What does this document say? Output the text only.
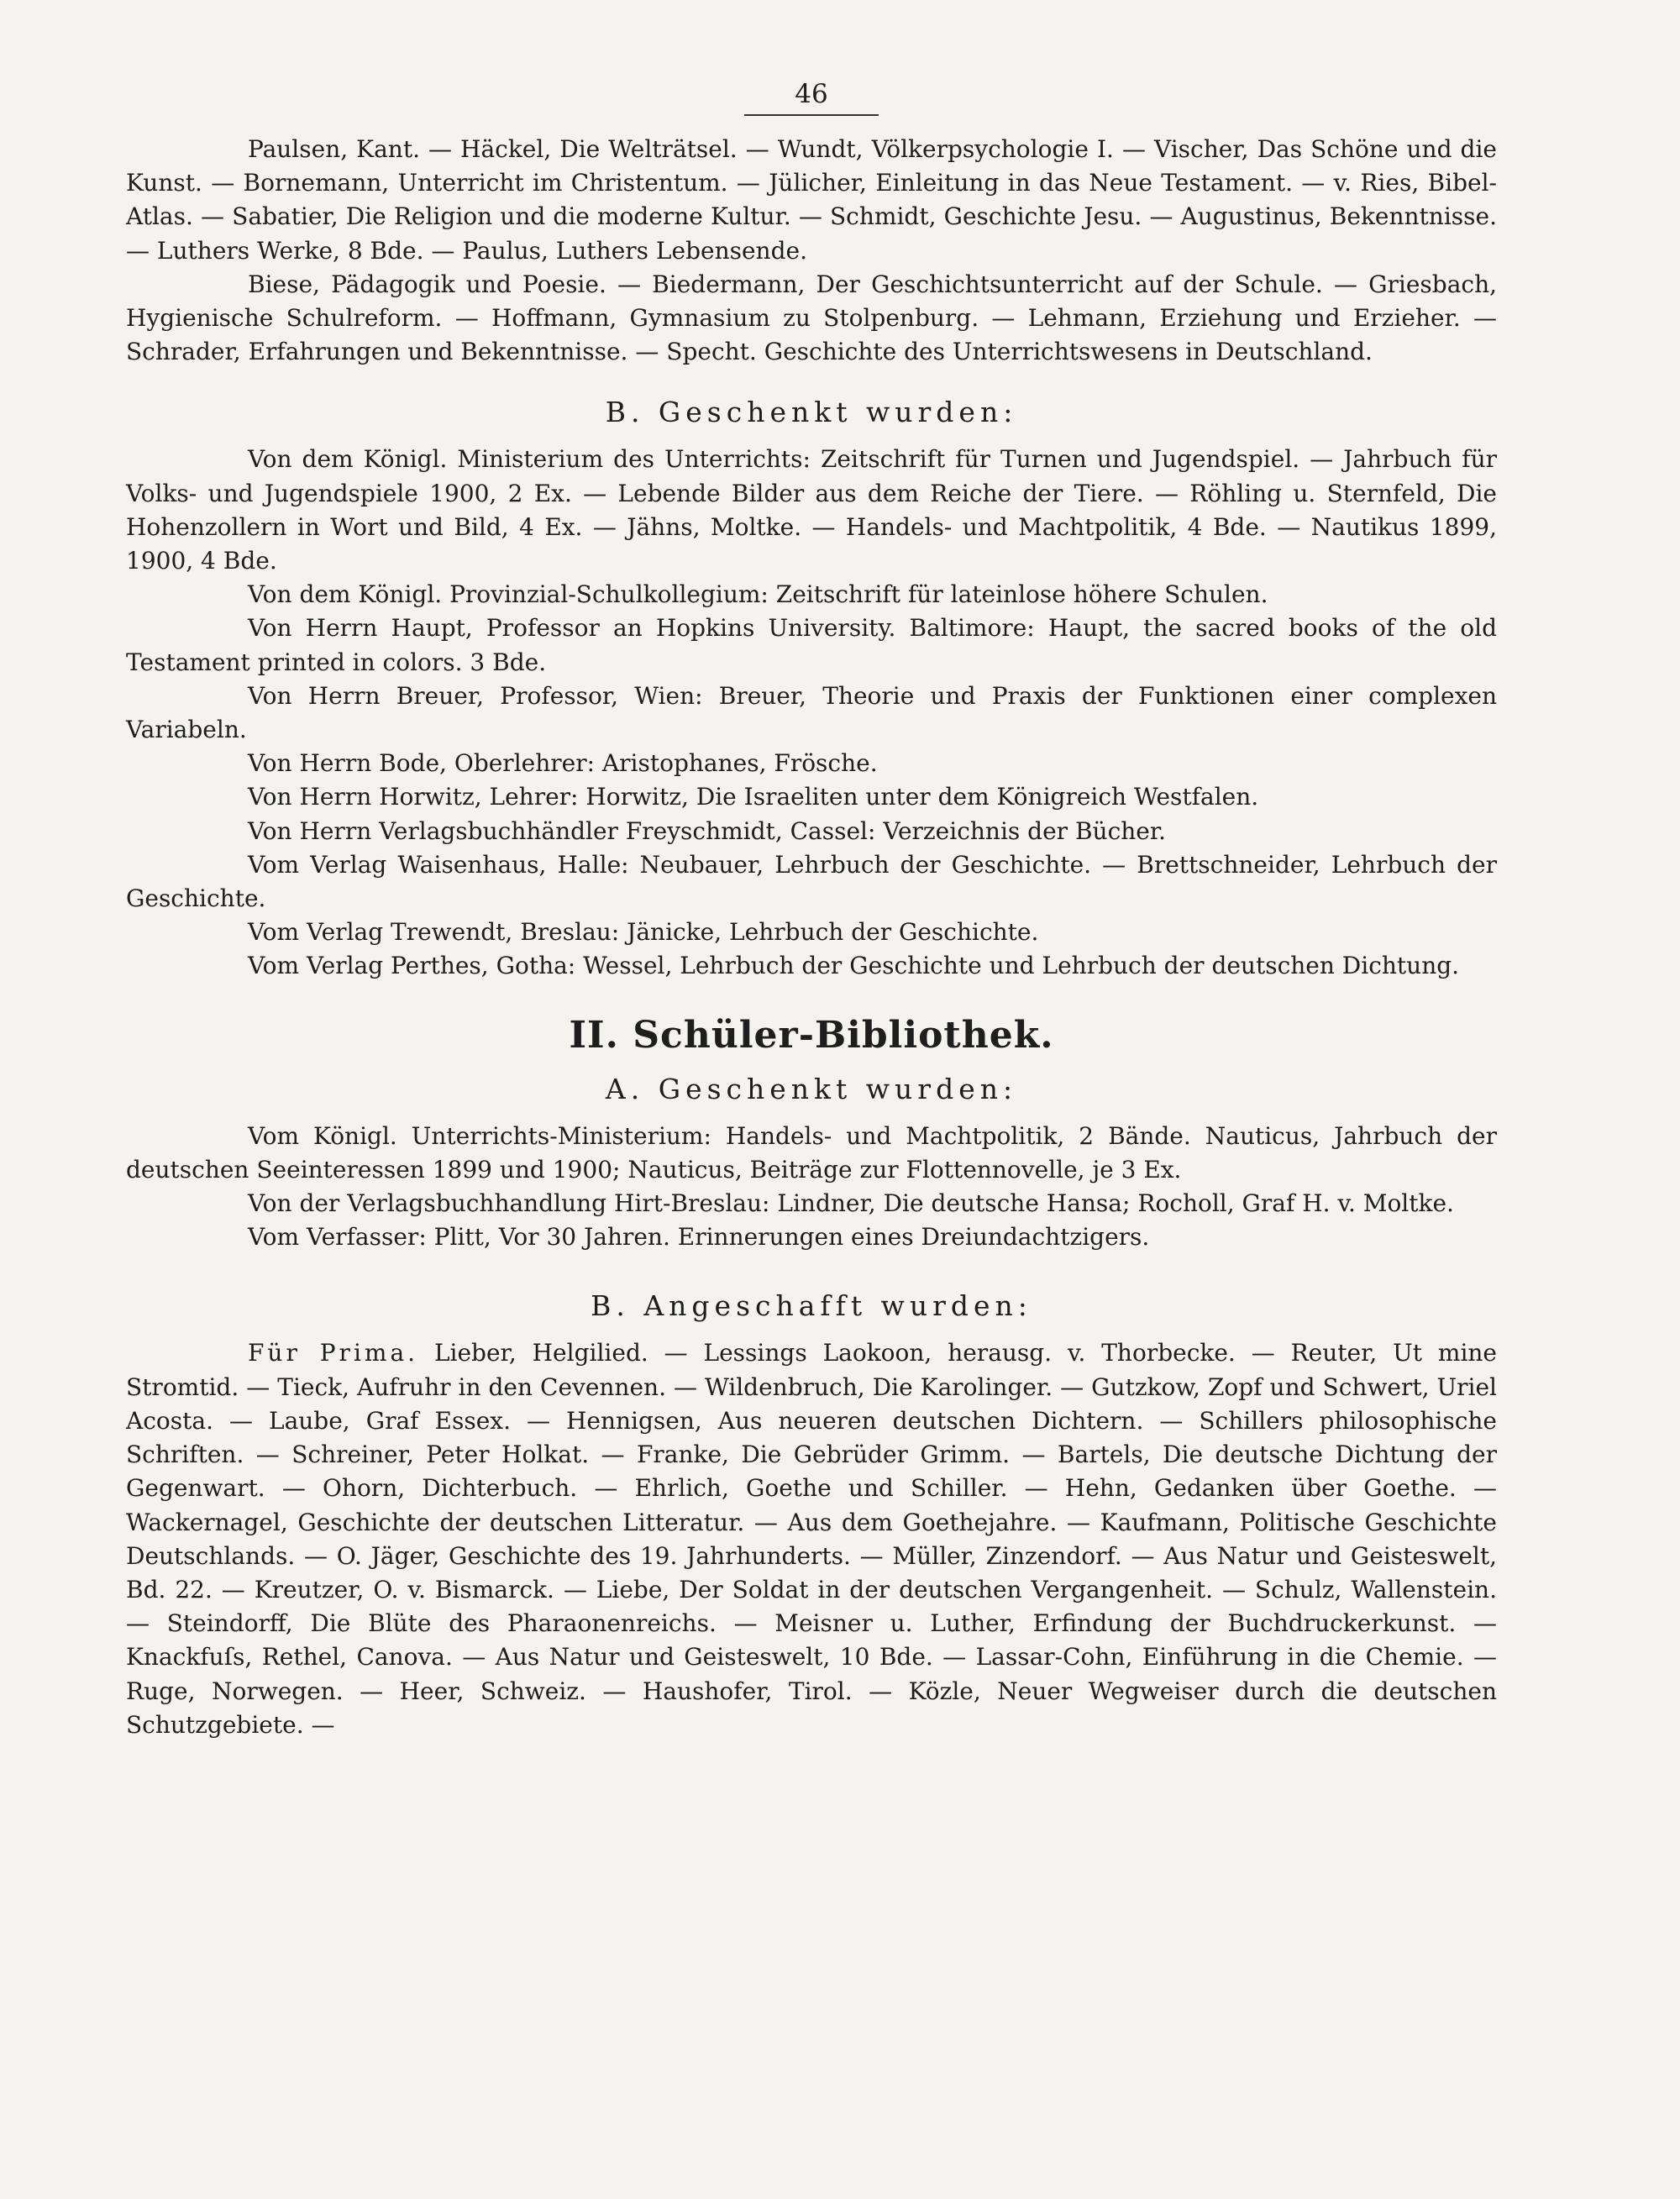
46

Paulsen, Kant. — Häckel, Die Welträtsel. — Wundt, Völkerpsychologie I. — Vischer, Das Schöne und die Kunst. — Bornemann, Unterricht im Christentum. — Jülicher, Einleitung in das Neue Testament. — v. Ries, Bibel-Atlas. — Sabatier, Die Religion und die moderne Kultur. — Schmidt, Geschichte Jesu. — Augustinus, Bekenntnisse. — Luthers Werke, 8 Bde. — Paulus, Luthers Lebensende.

Biese, Pädagogik und Poesie. — Biedermann, Der Geschichtsunterricht auf der Schule. — Griesbach, Hygienische Schulreform. — Hoffmann, Gymnasium zu Stolpenburg. — Lehmann, Erziehung und Erzieher. — Schrader, Erfahrungen und Bekenntnisse. — Specht. Geschichte des Unterrichtswesens in Deutschland.

B. Geschenkt wurden:

Von dem Königl. Ministerium des Unterrichts: Zeitschrift für Turnen und Jugendspiel. — Jahrbuch für Volks- und Jugendspiele 1900, 2 Ex. — Lebende Bilder aus dem Reiche der Tiere. — Röhling u. Sternfeld, Die Hohenzollern in Wort und Bild, 4 Ex. — Jähns, Moltke. — Handels- und Machtpolitik, 4 Bde. — Nautikus 1899, 1900, 4 Bde.

Von dem Königl. Provinzial-Schulkollegium: Zeitschrift für lateinlose höhere Schulen.

Von Herrn Haupt, Professor an Hopkins University. Baltimore: Haupt, the sacred books of the old Testament printed in colors. 3 Bde.

Von Herrn Breuer, Professor, Wien: Breuer, Theorie und Praxis der Funktionen einer complexen Variabeln.

Von Herrn Bode, Oberlehrer: Aristophanes, Frösche.

Von Herrn Horwitz, Lehrer: Horwitz, Die Israeliten unter dem Königreich Westfalen.

Von Herrn Verlagsbuchhändler Freyschmidt, Cassel: Verzeichnis der Bücher.

Vom Verlag Waisenhaus, Halle: Neubauer, Lehrbuch der Geschichte. — Brettschneider, Lehrbuch der Geschichte.

Vom Verlag Trewendt, Breslau: Jänicke, Lehrbuch der Geschichte.

Vom Verlag Perthes, Gotha: Wessel, Lehrbuch der Geschichte und Lehrbuch der deutschen Dichtung.

II. Schüler-Bibliothek.
A. Geschenkt wurden:

Vom Königl. Unterrichts-Ministerium: Handels- und Machtpolitik, 2 Bände. Nauticus, Jahrbuch der deutschen Seeinteressen 1899 und 1900; Nauticus, Beiträge zur Flottennovelle, je 3 Ex.

Von der Verlagsbuchhandlung Hirt-Breslau: Lindner, Die deutsche Hansa; Rocholl, Graf H. v. Moltke.

Vom Verfasser: Plitt, Vor 30 Jahren. Erinnerungen eines Dreiundachtzigers.

B. Angeschafft wurden:

Für Prima. Lieber, Helgilied. — Lessings Laokoon, herausg. v. Thorbecke. — Reuter, Ut mine Stromtid. — Tieck, Aufruhr in den Cevennen. — Wildenbruch, Die Karolinger. — Gutzkow, Zopf und Schwert, Uriel Acosta. — Laube, Graf Essex. — Hennigsen, Aus neueren deutschen Dichtern. — Schillers philosophische Schriften. — Schreiner, Peter Holkat. — Franke, Die Gebrüder Grimm. — Bartels, Die deutsche Dichtung der Gegenwart. — Ohorn, Dichterbuch. — Ehrlich, Goethe und Schiller. — Hehn, Gedanken über Goethe. — Wackernagel, Geschichte der deutschen Litteratur. — Aus dem Goethejahre. — Kaufmann, Politische Geschichte Deutschlands. — O. Jäger, Geschichte des 19. Jahrhunderts. — Müller, Zinzendorf. — Aus Natur und Geisteswelt, Bd. 22. — Kreutzer, O. v. Bismarck. — Liebe, Der Soldat in der deutschen Vergangenheit. — Schulz, Wallenstein. — Steindorff, Die Blüte des Pharaonenreichs. — Meisner u. Luther, Erfindung der Buchdruckerkunst. — Knackfuſs, Rethel, Canova. — Aus Natur und Geisteswelt, 10 Bde. — Lassar-Cohn, Einführung in die Chemie. — Ruge, Norwegen. — Heer, Schweiz. — Haushofer, Tirol. — Közle, Neuer Wegweiser durch die deutschen Schutzgebiete. —
